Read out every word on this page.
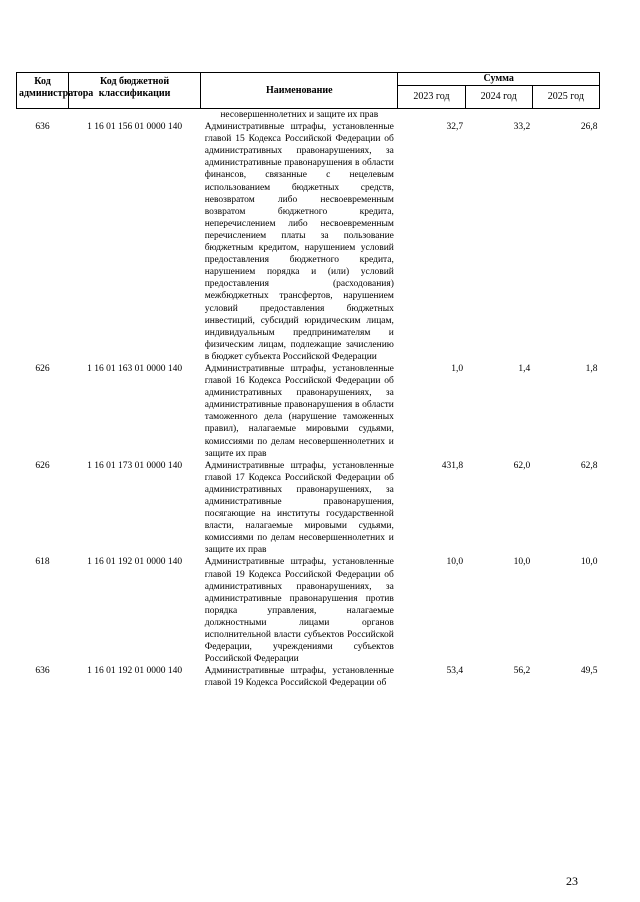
Код администратора	Код бюджетной классификации	Наименование	Сумма		
			2023 год	2024 год	2025 год
		несовершеннолетних и защите их прав			
636	1 16 01 156 01 0000 140	Административные штрафы, установленные главой 15 Кодекса Российской Федерации об административных правонарушениях, за административные правонарушения в области финансов, связанные с нецелевым использованием бюджетных средств, невозвратом либо несвоевременным возвратом бюджетного кредита, неперечислением либо несвоевременным перечислением платы за пользование бюджетным кредитом, нарушением условий предоставления бюджетного кредита, нарушением порядка и (или) условий предоставления (расходования) межбюджетных трансфертов, нарушением условий предоставления бюджетных инвестиций, субсидий юридическим лицам, индивидуальным предпринимателям и физическим лицам, подлежащие зачислению в бюджет субъекта Российской Федерации	32,7	33,2	26,8
626	1 16 01 163 01 0000 140	Административные штрафы, установленные главой 16 Кодекса Российской Федерации об административных правонарушениях, за административные правонарушения в области таможенного дела (нарушение таможенных правил), налагаемые мировыми судьями, комиссиями по делам несовершеннолетних и защите их прав	1,0	1,4	1,8
626	1 16 01 173 01 0000 140	Административные штрафы, установленные главой 17 Кодекса Российской Федерации об административных правонарушениях, за административные правонарушения, посягающие на институты государственной власти, налагаемые мировыми судьями, комиссиями по делам несовершеннолетних и защите их прав	431,8	62,0	62,8
618	1 16 01 192 01 0000 140	Административные штрафы, установленные главой 19 Кодекса Российской Федерации об административных правонарушениях, за административные правонарушения против порядка управления, налагаемые должностными лицами органов исполнительной власти субъектов Российской Федерации, учреждениями субъектов Российской Федерации	10,0	10,0	10,0
636	1 16 01 192 01 0000 140	Административные штрафы, установленные главой 19 Кодекса Российской Федерации об	53,4	56,2	49,5
23
